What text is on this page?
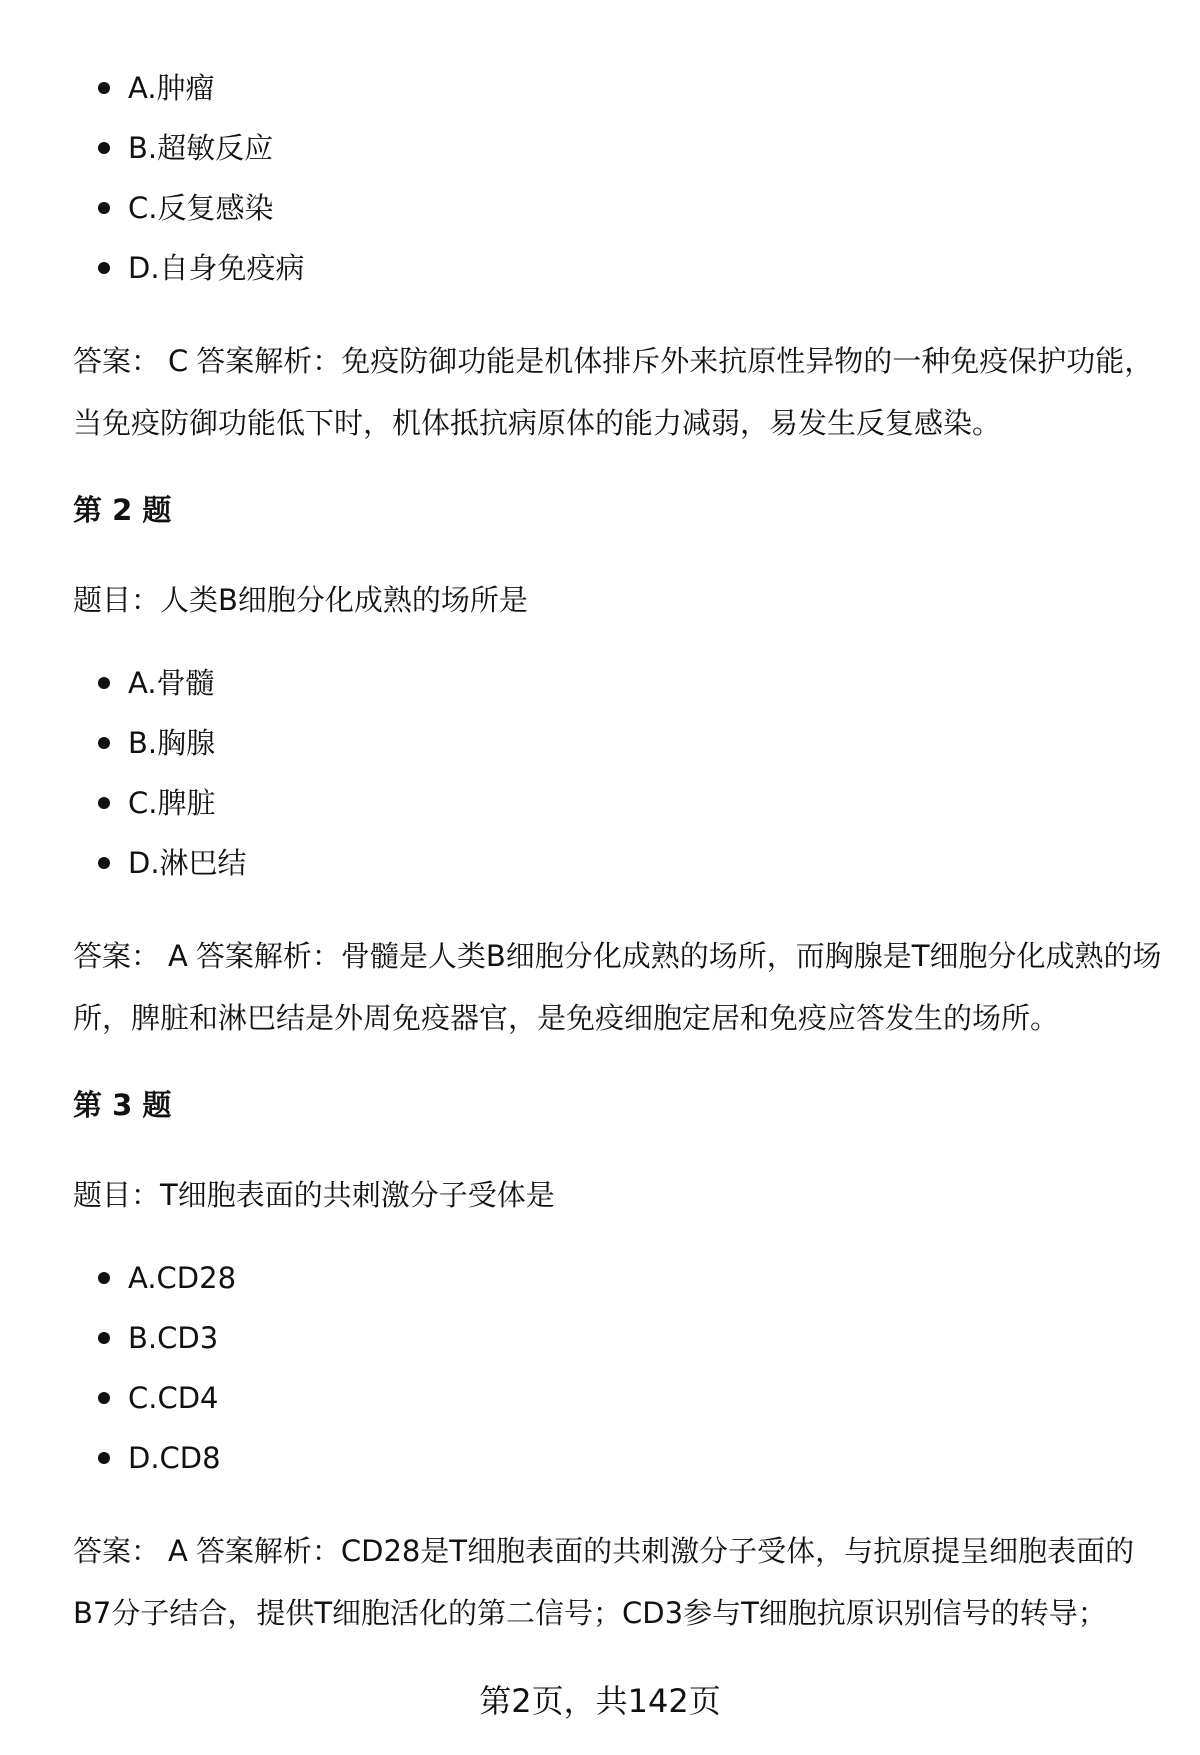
A.肿瘤
B.超敏反应
C.反复感染
D.自身免疫病

答案： C 答案解析：免疫防御功能是机体排斥外来抗原性异物的一种免疫保护功能，当免疫防御功能低下时，机体抵抗病原体的能力减弱，易发生反复感染。

第 2 题

题目：人类B细胞分化成熟的场所是

A.骨髓
B.胸腺
C.脾脏
D.淋巴结

答案： A 答案解析：骨髓是人类B细胞分化成熟的场所，而胸腺是T细胞分化成熟的场所，脾脏和淋巴结是外周免疫器官，是免疫细胞定居和免疫应答发生的场所。

第 3 题

题目：T细胞表面的共刺激分子受体是

A.CD28
B.CD3
C.CD4
D.CD8

答案： A 答案解析：CD28是T细胞表面的共刺激分子受体，与抗原提呈细胞表面的B7分子结合，提供T细胞活化的第二信号；CD3参与T细胞抗原识别信号的转导；

第2页，共142页
